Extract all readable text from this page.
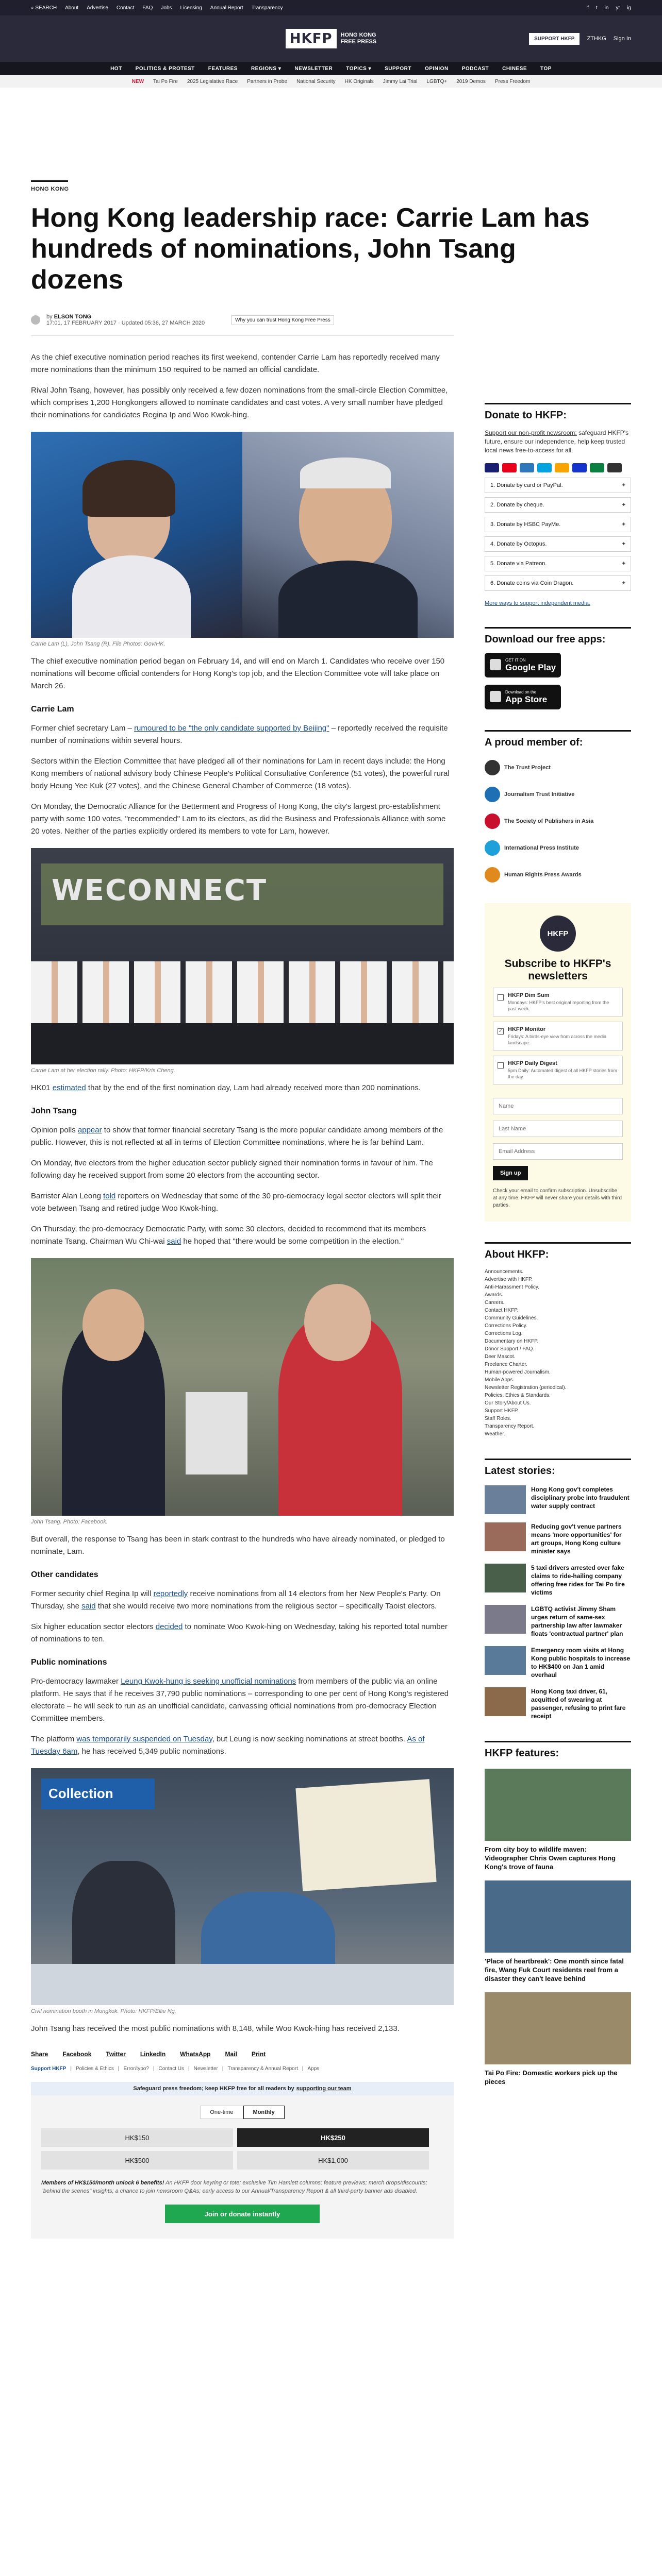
⌕ SEARCH About Advertise Contact FAQ Jobs Licensing Annual Report Transparency	f t in yt ig
HKFP	HONG KONG
FREE PRESS	SUPPORT HKFP	ZTHKG Sign In
HOT	POLITICS & PROTEST	FEATURES	REGIONS ▾	NEWSLETTER	TOPICS ▾	SUPPORT	OPINION	PODCAST	CHINESE	TOP
NEW Tai Po Fire 2025 Legislative Race Partners in Probe National Security HK Originals Jimmy Lai Trial LGBTQ+ 2019 Demos Press Freedom
HONG KONG
Hong Kong leadership race: Carrie Lam has hundreds of nominations, John Tsang dozens
by ELSON TONG
17:01, 17 FEBRUARY 2017 · Updated 05:36, 27 MARCH 2020	Why you can trust Hong Kong Free Press

As the chief executive nomination period reaches its first weekend, contender Carrie Lam has reportedly received many more nominations than the minimum 150 required to be named an official candidate.

Rival John Tsang, however, has possibly only received a few dozen nominations from the small-circle Election Committee, which comprises 1,200 Hongkongers allowed to nominate candidates and cast votes. A very small number have pledged their nominations for candidates Regina Ip and Woo Kwok-hing.

Carrie Lam (L), John Tsang (R). File Photos: Gov/HK.

The chief executive nomination period began on February 14, and will end on March 1. Candidates who receive over 150 nominations will become official contenders for Hong Kong's top job, and the Election Committee vote will take place on March 26.

Carrie Lam

Former chief secretary Lam – rumoured to be "the only candidate supported by Beijing" – reportedly received the requisite number of nominations within several hours.

Sectors within the Election Committee that have pledged all of their nominations for Lam in recent days include: the Hong Kong members of national advisory body Chinese People's Political Consultative Conference (51 votes), the powerful rural body Heung Yee Kuk (27 votes), and the Chinese General Chamber of Commerce (18 votes).

On Monday, the Democratic Alliance for the Betterment and Progress of Hong Kong, the city's largest pro-establishment party with some 100 votes, "recommended" Lam to its electors, as did the Business and Professionals Alliance with some 20 votes. Neither of the parties explicitly ordered its members to vote for Lam, however.

WECONNECT
Carrie Lam at her election rally. Photo: HKFP/Kris Cheng.

HK01 estimated that by the end of the first nomination day, Lam had already received more than 200 nominations.

John Tsang

Opinion polls appear to show that former financial secretary Tsang is the more popular candidate among members of the public. However, this is not reflected at all in terms of Election Committee nominations, where he is far behind Lam.

On Monday, five electors from the higher education sector publicly signed their nomination forms in favour of him. The following day he received support from some 20 electors from the accounting sector.

Barrister Alan Leong told reporters on Wednesday that some of the 30 pro-democracy legal sector electors will split their vote between Tsang and retired judge Woo Kwok-hing.

On Thursday, the pro-democracy Democratic Party, with some 30 electors, decided to recommend that its members nominate Tsang. Chairman Wu Chi-wai said he hoped that "there would be some competition in the election."

John Tsang. Photo: Facebook.

But overall, the response to Tsang has been in stark contrast to the hundreds who have already nominated, or pledged to nominate, Lam.

Other candidates

Former security chief Regina Ip will reportedly receive nominations from all 14 electors from her New People's Party. On Thursday, she said that she would receive two more nominations from the religious sector – specifically Taoist electors.

Six higher education sector electors decided to nominate Woo Kwok-hing on Wednesday, taking his reported total number of nominations to ten.

Public nominations

Pro-democracy lawmaker Leung Kwok-hung is seeking unofficial nominations from members of the public via an online platform. He says that if he receives 37,790 public nominations – corresponding to one per cent of Hong Kong's registered electorate – he will seek to run as an unofficial candidate, canvassing official nominations from pro-democracy Election Committee members.

The platform was temporarily suspended on Tuesday, but Leung is now seeking nominations at street booths. As of Tuesday 6am, he has received 5,349 public nominations.

Collection
Civil nomination booth in Mongkok. Photo: HKFP/Ellie Ng.

John Tsang has received the most public nominations with 8,148, while Woo Kwok-hing has received 2,133.

Share Facebook Twitter LinkedIn WhatsApp Mail Print
Support HKFP | Policies & Ethics | Error/typo? | Contact Us | Newsletter | Transparency & Annual Report | Apps
Safeguard press freedom; keep HKFP free for all readers by supporting our team
One-time	Monthly
HK$150	HK$250
HK$500	HK$1,000
Members of HK$150/month unlock 6 benefits! An HKFP door keyring or tote; exclusive Tim Hamlett columns; feature previews; merch drops/discounts; "behind the scenes" insights; a chance to join newsroom Q&As; early access to our Annual/Transparency Report & all third-party banner ads disabled.
Join or donate instantly
Donate to HKFP:
Support our non-profit newsroom: safeguard HKFP's future, ensure our independence, help keep trusted local news free-to-access for all.
1. Donate by card or PayPal.	+
2. Donate by cheque.	+
3. Donate by HSBC PayMe.	+
4. Donate by Octopus.	+
5. Donate via Patreon.	+
6. Donate coins via Coin Dragon.	+
More ways to support independent media.
Download our free apps:
GET IT ON
Google Play
Download on the
App Store
A proud member of:
The Trust Project
Journalism Trust Initiative
The Society of Publishers in Asia
International Press Institute
Human Rights Press Awards
HKFP
Subscribe to HKFP's newsletters
HKFP Dim Sum
Mondays: HKFP's best original reporting from the past week.
✓ HKFP Monitor
Fridays: A birds-eye view from across the media landscape.
HKFP Daily Digest
5pm Daily: Automated digest of all HKFP stories from the day.
Name Last Name Email Address Sign up
Check your email to confirm subscription. Unsubscribe at any time. HKFP will never share your details with third parties.
About HKFP:
Announcements.
Advertise with HKFP.
Anti-Harassment Policy.
Awards.
Careers.
Contact HKFP.
Community Guidelines.
Corrections Policy.
Corrections Log.
Documentary on HKFP.
Donor Support / FAQ.
Deer Mascot.
Freelance Charter.
Human-powered Journalism.
Mobile Apps.
Newsletter Registration (periodical).
Policies, Ethics & Standards.
Our Story/About Us.
Support HKFP.
Staff Roles.
Transparency Report.
Weather.
Latest stories:
Hong Kong gov't completes disciplinary probe into fraudulent water supply contract
Reducing gov't venue partners means 'more opportunities' for art groups, Hong Kong culture minister says
5 taxi drivers arrested over fake claims to ride-hailing company offering free rides for Tai Po fire victims
LGBTQ activist Jimmy Sham urges return of same-sex partnership law after lawmaker floats 'contractual partner' plan
Emergency room visits at Hong Kong public hospitals to increase to HK$400 on Jan 1 amid overhaul
Hong Kong taxi driver, 61, acquitted of swearing at passenger, refusing to print fare receipt
HKFP features:
From city boy to wildlife maven: Videographer Chris Owen captures Hong Kong's trove of fauna
'Place of heartbreak': One month since fatal fire, Wang Fuk Court residents reel from a disaster they can't leave behind
Tai Po Fire: Domestic workers pick up the pieces
